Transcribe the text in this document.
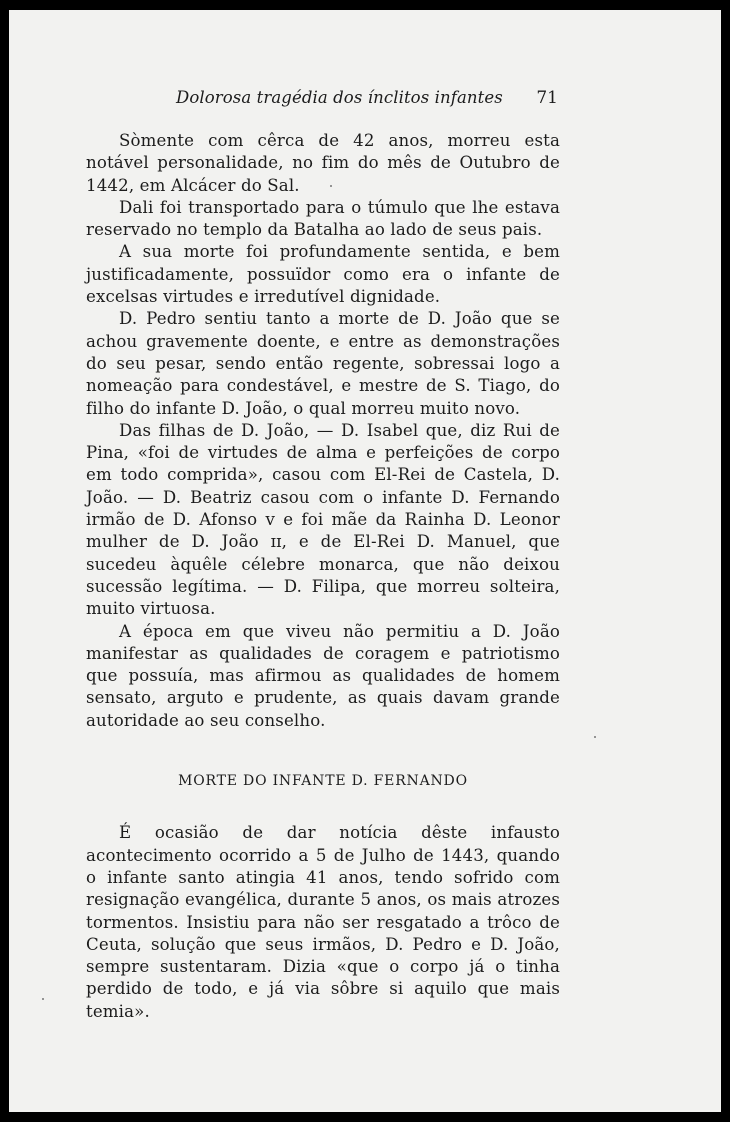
Dolorosa tragédia dos ínclitos infantes 71

Sòmente com cêrca de 42 anos, morreu esta notável personalidade, no fim do mês de Outubro de 1442, em Alcácer do Sal.

Dali foi transportado para o túmulo que lhe estava reservado no templo da Batalha ao lado de seus pais.

A sua morte foi profundamente sentida, e bem justificadamente, possuïdor como era o infante de excelsas virtudes e irredutível dignidade.

D. Pedro sentiu tanto a morte de D. João que se achou gravemente doente, e entre as demonstrações do seu pesar, sendo então regente, sobressai logo a nomeação para condestável, e mestre de S. Tiago, do filho do infante D. João, o qual morreu muito novo.

Das filhas de D. João, — D. Isabel que, diz Rui de Pina, «foi de virtudes de alma e perfeições de corpo em todo comprida», casou com El-Rei de Castela, D. João. — D. Beatriz casou com o infante D. Fernando irmão de D. Afonso v e foi mãe da Rainha D. Leonor mulher de D. João ɪɪ, e de El-Rei D. Manuel, que sucedeu àquêle célebre monarca, que não deixou sucessão legítima. — D. Filipa, que morreu solteira, muito virtuosa.

A época em que viveu não permitiu a D. João manifestar as qualidades de coragem e patriotismo que possuía, mas afirmou as qualidades de homem sensato, arguto e prudente, as quais davam grande autoridade ao seu conselho.

MORTE DO INFANTE D. FERNANDO

É ocasião de dar notícia dêste infausto acontecimento ocorrido a 5 de Julho de 1443, quando o infante santo atingia 41 anos, tendo sofrido com resignação evangélica, durante 5 anos, os mais atrozes tormentos. Insistiu para não ser resgatado a trôco de Ceuta, solução que seus irmãos, D. Pedro e D. João, sempre sustentaram. Dizia «que o corpo já o tinha perdido de todo, e já via sôbre si aquilo que mais temia».
